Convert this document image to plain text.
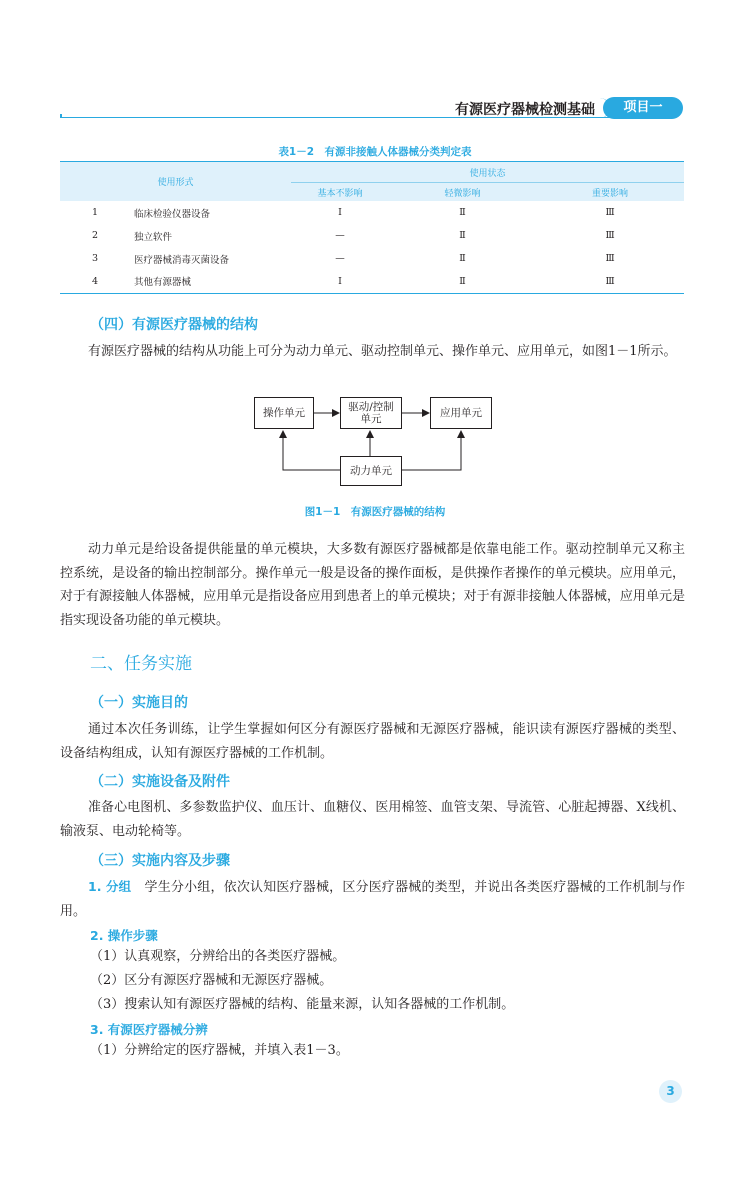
有源医疗器械检测基础	项目一
表1－2　有源非接触人体器械分类判定表
使用形式		使用状态		
		基本不影响	轻微影响	重要影响
1	临床检验仪器设备	Ⅰ	Ⅱ	Ⅲ
2	独立软件	—	Ⅱ	Ⅲ
3	医疗器械消毒灭菌设备	—	Ⅱ	Ⅲ
4	其他有源器械	Ⅰ	Ⅱ	Ⅲ
（四）有源医疗器械的结构
有源医疗器械的结构从功能上可分为动力单元、驱动控制单元、操作单元、应用单元，如图1－1所示。
操作单元	驱动/控制
单元	应用单元
动力单元
图1－1　有源医疗器械的结构
动力单元是给设备提供能量的单元模块，大多数有源医疗器械都是依靠电能工作。驱动控制单元又称主控系统，是设备的输出控制部分。操作单元一般是设备的操作面板，是供操作者操作的单元模块。应用单元，对于有源接触人体器械，应用单元是指设备应用到患者上的单元模块；对于有源非接触人体器械，应用单元是指实现设备功能的单元模块。
二、任务实施
（一）实施目的
通过本次任务训练，让学生掌握如何区分有源医疗器械和无源医疗器械，能识读有源医疗器械的类型、设备结构组成，认知有源医疗器械的工作机制。
（二）实施设备及附件
准备心电图机、多参数监护仪、血压计、血糖仪、医用棉签、血管支架、导流管、心脏起搏器、X线机、输液泵、电动轮椅等。
（三）实施内容及步骤
1. 分组　学生分小组，依次认知医疗器械，区分医疗器械的类型，并说出各类医疗器械的工作机制与作用。
2. 操作步骤
（1）认真观察，分辨给出的各类医疗器械。
（2）区分有源医疗器械和无源医疗器械。
（3）搜索认知有源医疗器械的结构、能量来源，认知各器械的工作机制。
3. 有源医疗器械分辨
（1）分辨给定的医疗器械，并填入表1－3。
3
